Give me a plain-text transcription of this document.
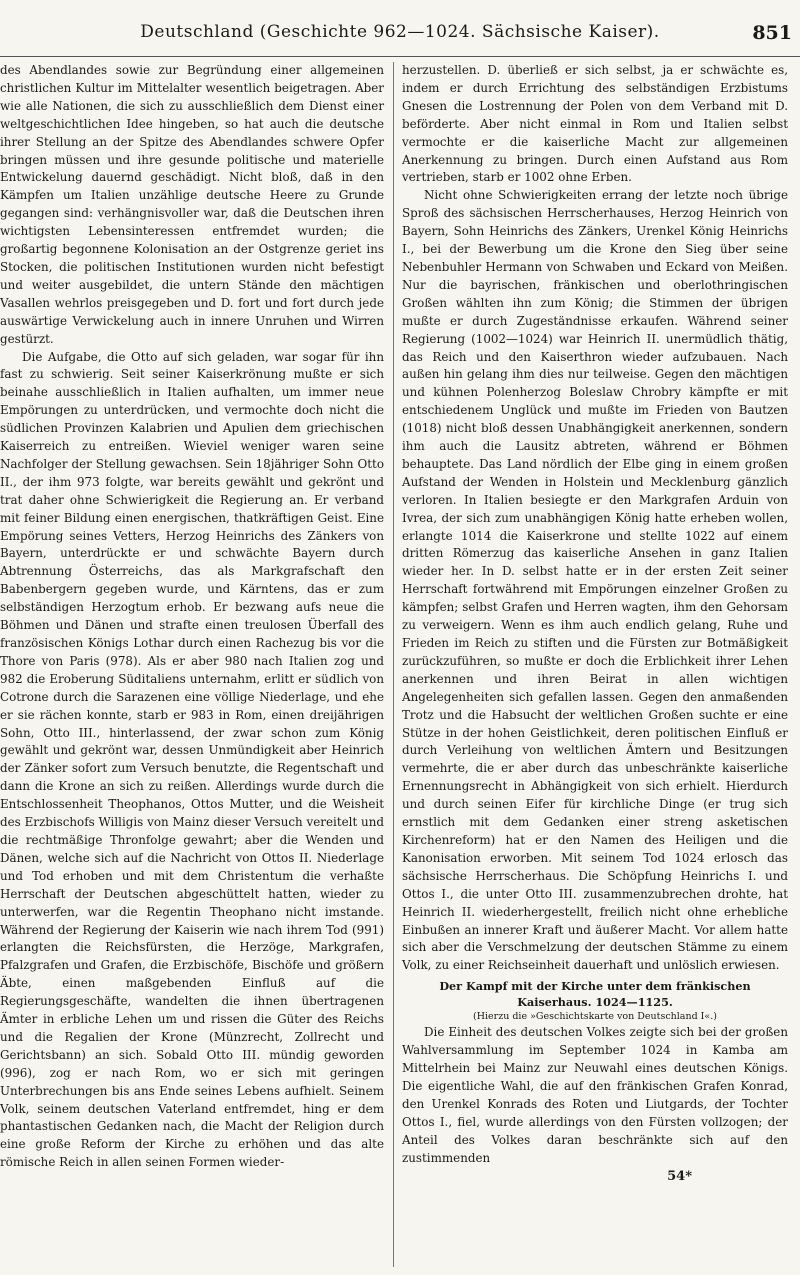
Deutschland (Geschichte 962—1024. Sächsische Kaiser).	851

des Abendlandes sowie zur Begründung einer allgemeinen christlichen Kultur im Mittelalter wesentlich beigetragen. Aber wie alle Nationen, die sich zu ausschließlich dem Dienst einer weltgeschichtlichen Idee hingeben, so hat auch die deutsche ihrer Stellung an der Spitze des Abendlandes schwere Opfer bringen müssen und ihre gesunde politische und materielle Entwickelung dauernd geschädigt. Nicht bloß, daß in den Kämpfen um Italien unzählige deutsche Heere zu Grunde gegangen sind: verhängnisvoller war, daß die Deutschen ihren wichtigsten Lebensinteressen entfremdet wurden; die großartig begonnene Kolonisation an der Ostgrenze geriet ins Stocken, die politischen Institutionen wurden nicht befestigt und weiter ausgebildet, die untern Stände den mächtigen Vasallen wehrlos preisgegeben und D. fort und fort durch jede auswärtige Verwickelung auch in innere Unruhen und Wirren gestürzt.

Die Aufgabe, die Otto auf sich geladen, war sogar für ihn fast zu schwierig. Seit seiner Kaiserkrönung mußte er sich beinahe ausschließlich in Italien aufhalten, um immer neue Empörungen zu unterdrücken, und vermochte doch nicht die südlichen Provinzen Kalabrien und Apulien dem griechischen Kaiserreich zu entreißen. Wieviel weniger waren seine Nachfolger der Stellung gewachsen. Sein 18jähriger Sohn Otto II., der ihm 973 folgte, war bereits gewählt und gekrönt und trat daher ohne Schwierigkeit die Regierung an. Er verband mit feiner Bildung einen energischen, thatkräftigen Geist. Eine Empörung seines Vetters, Herzog Heinrichs des Zänkers von Bayern, unterdrückte er und schwächte Bayern durch Abtrennung Österreichs, das als Markgrafschaft den Babenbergern gegeben wurde, und Kärntens, das er zum selbständigen Herzogtum erhob. Er bezwang aufs neue die Böhmen und Dänen und strafte einen treulosen Überfall des französischen Königs Lothar durch einen Rachezug bis vor die Thore von Paris (978). Als er aber 980 nach Italien zog und 982 die Eroberung Süditaliens unternahm, erlitt er südlich von Cotrone durch die Sarazenen eine völlige Niederlage, und ehe er sie rächen konnte, starb er 983 in Rom, einen dreijährigen Sohn, Otto III., hinterlassend, der zwar schon zum König gewählt und gekrönt war, dessen Unmündigkeit aber Heinrich der Zänker sofort zum Versuch benutzte, die Regentschaft und dann die Krone an sich zu reißen. Allerdings wurde durch die Entschlossenheit Theophanos, Ottos Mutter, und die Weisheit des Erzbischofs Willigis von Mainz dieser Versuch vereitelt und die rechtmäßige Thronfolge gewahrt; aber die Wenden und Dänen, welche sich auf die Nachricht von Ottos II. Niederlage und Tod erhoben und mit dem Christentum die verhaßte Herrschaft der Deutschen abgeschüttelt hatten, wieder zu unterwerfen, war die Regentin Theophano nicht imstande. Während der Regierung der Kaiserin wie nach ihrem Tod (991) erlangten die Reichsfürsten, die Herzöge, Markgrafen, Pfalzgrafen und Grafen, die Erzbischöfe, Bischöfe und größern Äbte, einen maßgebenden Einfluß auf die Regierungsgeschäfte, wandelten die ihnen übertragenen Ämter in erbliche Lehen um und rissen die Güter des Reichs und die Regalien der Krone (Münzrecht, Zollrecht und Gerichtsbann) an sich. Sobald Otto III. mündig geworden (996), zog er nach Rom, wo er sich mit geringen Unterbrechungen bis ans Ende seines Lebens aufhielt. Seinem Volk, seinem deutschen Vaterland entfremdet, hing er dem phantastischen Gedanken nach, die Macht der Religion durch eine große Reform der Kirche zu erhöhen und das alte römische Reich in allen seinen Formen wieder-

herzustellen. D. überließ er sich selbst, ja er schwächte es, indem er durch Errichtung des selbständigen Erzbistums Gnesen die Lostrennung der Polen von dem Verband mit D. beförderte. Aber nicht einmal in Rom und Italien selbst vermochte er die kaiserliche Macht zur allgemeinen Anerkennung zu bringen. Durch einen Aufstand aus Rom vertrieben, starb er 1002 ohne Erben.

Nicht ohne Schwierigkeiten errang der letzte noch übrige Sproß des sächsischen Herrscherhauses, Herzog Heinrich von Bayern, Sohn Heinrichs des Zänkers, Urenkel König Heinrichs I., bei der Bewerbung um die Krone den Sieg über seine Nebenbuhler Hermann von Schwaben und Eckard von Meißen. Nur die bayrischen, fränkischen und oberlothringischen Großen wählten ihn zum König; die Stimmen der übrigen mußte er durch Zugeständnisse erkaufen. Während seiner Regierung (1002—1024) war Heinrich II. unermüdlich thätig, das Reich und den Kaiserthron wieder aufzubauen. Nach außen hin gelang ihm dies nur teilweise. Gegen den mächtigen und kühnen Polenherzog Boleslaw Chrobry kämpfte er mit entschiedenem Unglück und mußte im Frieden von Bautzen (1018) nicht bloß dessen Unabhängigkeit anerkennen, sondern ihm auch die Lausitz abtreten, während er Böhmen behauptete. Das Land nördlich der Elbe ging in einem großen Aufstand der Wenden in Holstein und Mecklenburg gänzlich verloren. In Italien besiegte er den Markgrafen Arduin von Ivrea, der sich zum unabhängigen König hatte erheben wollen, erlangte 1014 die Kaiserkrone und stellte 1022 auf einem dritten Römerzug das kaiserliche Ansehen in ganz Italien wieder her. In D. selbst hatte er in der ersten Zeit seiner Herrschaft fortwährend mit Empörungen einzelner Großen zu kämpfen; selbst Grafen und Herren wagten, ihm den Gehorsam zu verweigern. Wenn es ihm auch endlich gelang, Ruhe und Frieden im Reich zu stiften und die Fürsten zur Botmäßigkeit zurückzuführen, so mußte er doch die Erblichkeit ihrer Lehen anerkennen und ihren Beirat in allen wichtigen Angelegenheiten sich gefallen lassen. Gegen den anmaßenden Trotz und die Habsucht der weltlichen Großen suchte er eine Stütze in der hohen Geistlichkeit, deren politischen Einfluß er durch Verleihung von weltlichen Ämtern und Besitzungen vermehrte, die er aber durch das unbeschränkte kaiserliche Ernennungsrecht in Abhängigkeit von sich erhielt. Hierdurch und durch seinen Eifer für kirchliche Dinge (er trug sich ernstlich mit dem Gedanken einer streng asketischen Kirchenreform) hat er den Namen des Heiligen und die Kanonisation erworben. Mit seinem Tod 1024 erlosch das sächsische Herrscherhaus. Die Schöpfung Heinrichs I. und Ottos I., die unter Otto III. zusammenzubrechen drohte, hat Heinrich II. wiederhergestellt, freilich nicht ohne erhebliche Einbußen an innerer Kraft und äußerer Macht. Vor allem hatte sich aber die Verschmelzung der deutschen Stämme zu einem Volk, zu einer Reichseinheit dauerhaft und unlöslich erwiesen.

Der Kampf mit der Kirche unter dem fränkischen Kaiserhaus. 1024—1125.
(Hierzu die »Geschichtskarte von Deutschland I«.)

Die Einheit des deutschen Volkes zeigte sich bei der großen Wahlversammlung im September 1024 in Kamba am Mittelrhein bei Mainz zur Neuwahl eines deutschen Königs. Die eigentliche Wahl, die auf den fränkischen Grafen Konrad, den Urenkel Konrads des Roten und Liutgards, der Tochter Ottos I., fiel, wurde allerdings von den Fürsten vollzogen; der Anteil des Volkes daran beschränkte sich auf den zustimmenden

54*
